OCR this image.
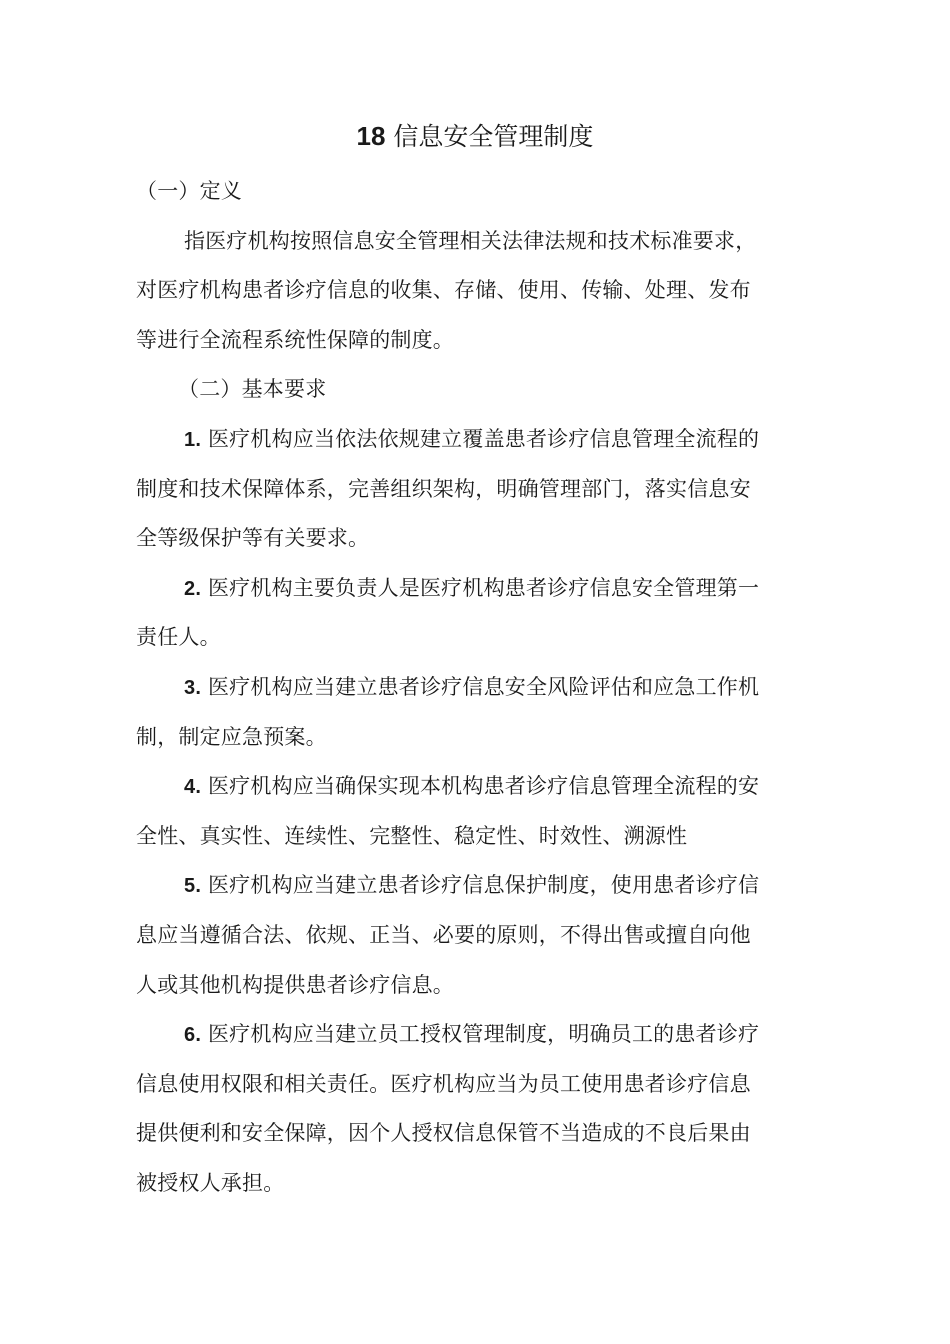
18 信息安全管理制度
（一）定义
指医疗机构按照信息安全管理相关法律法规和技术标准要求，
对医疗机构患者诊疗信息的收集、存储、使用、传输、处理、发布
等进行全流程系统性保障的制度。
（二）基本要求
1. 医疗机构应当依法依规建立覆盖患者诊疗信息管理全流程的
制度和技术保障体系，完善组织架构，明确管理部门，落实信息安
全等级保护等有关要求。
2. 医疗机构主要负责人是医疗机构患者诊疗信息安全管理第一
责任人。
3. 医疗机构应当建立患者诊疗信息安全风险评估和应急工作机
制，制定应急预案。
4. 医疗机构应当确保实现本机构患者诊疗信息管理全流程的安
全性、真实性、连续性、完整性、稳定性、时效性、溯源性
5. 医疗机构应当建立患者诊疗信息保护制度，使用患者诊疗信
息应当遵循合法、依规、正当、必要的原则，不得出售或擅自向他
人或其他机构提供患者诊疗信息。
6. 医疗机构应当建立员工授权管理制度，明确员工的患者诊疗
信息使用权限和相关责任。医疗机构应当为员工使用患者诊疗信息
提供便利和安全保障，因个人授权信息保管不当造成的不良后果由
被授权人承担。
